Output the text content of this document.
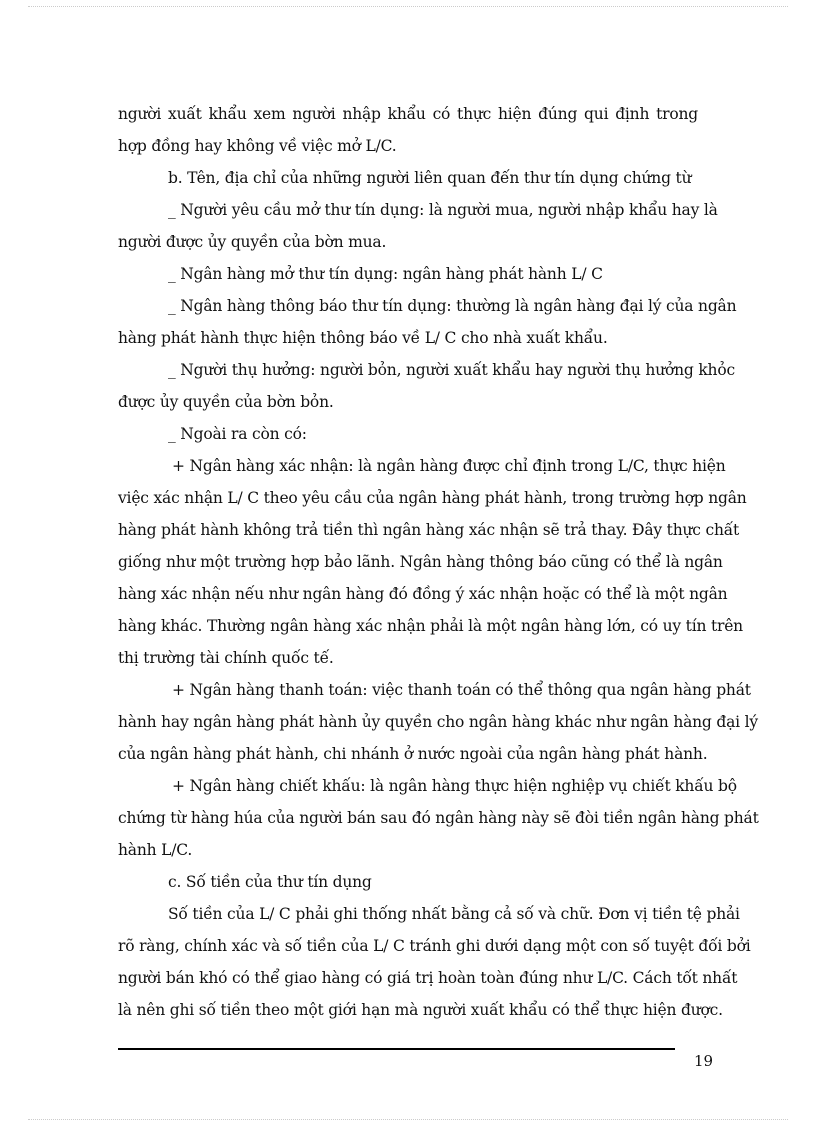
người xuất khẩu xem người nhập khẩu có thực hiện đúng qui định trong
hợp đồng hay không về việc mở L/C.
b. Tên, địa chỉ của những người liên quan đến thư tín dụng chứng từ
_ Người yêu cầu mở thư tín dụng: là người mua, người nhập khẩu hay là
người được ủy quyền của bờn mua.
_ Ngân hàng mở thư tín dụng: ngân hàng phát hành L/ C
_ Ngân hàng thông báo thư tín dụng: thường là ngân hàng đại lý của ngân
hàng phát hành thực hiện thông báo về L/ C cho nhà xuất khẩu.
_ Người thụ hưởng: người bỏn, người xuất khẩu hay người thụ hưởng khỏc
được ủy quyền của bờn bỏn.
_ Ngoài ra còn có:
+ Ngân hàng xác nhận: là ngân hàng được chỉ định trong L/C, thực hiện
việc xác nhận L/ C theo yêu cầu của ngân hàng phát hành, trong trường hợp ngân
hàng phát hành không trả tiền thì ngân hàng xác nhận sẽ trả thay. Đây thực chất
giống như một trường hợp bảo lãnh. Ngân hàng thông báo cũng có thể là ngân
hàng xác nhận nếu như ngân hàng đó đồng ý xác nhận hoặc có thể là một ngân
hàng khác. Thường ngân hàng xác nhận phải là một ngân hàng lớn, có uy tín trên
thị trường tài chính quốc tế.
+ Ngân hàng thanh toán: việc thanh toán có thể thông qua ngân hàng phát
hành hay ngân hàng phát hành ủy quyền cho ngân hàng khác như ngân hàng đại lý
của ngân hàng phát hành, chi nhánh ở nước ngoài của ngân hàng phát hành.
+ Ngân hàng chiết khấu: là ngân hàng thực hiện nghiệp vụ chiết khấu bộ
chứng từ hàng húa của người bán sau đó ngân hàng này sẽ đòi tiền ngân hàng phát
hành L/C.
c. Số tiền của thư tín dụng
Số tiền của L/ C phải ghi thống nhất bằng cả số và chữ. Đơn vị tiền tệ phải
rõ ràng, chính xác và số tiền của L/ C tránh ghi dưới dạng một con số tuyệt đối bởi
người bán khó có thể giao hàng có giá trị hoàn toàn đúng như L/C. Cách tốt nhất
là nên ghi số tiền theo một giới hạn mà người xuất khẩu có thể thực hiện được.
19
